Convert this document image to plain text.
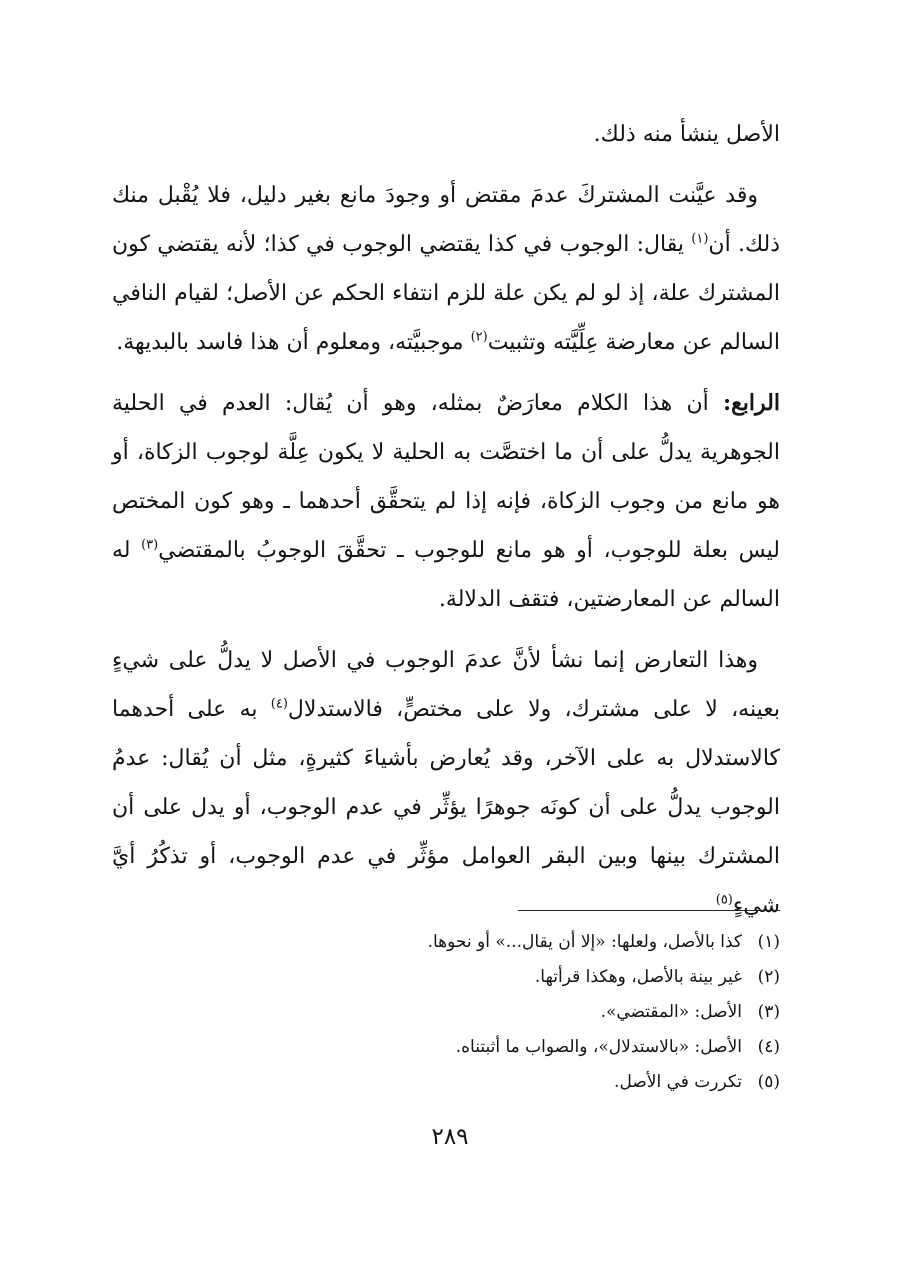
الأصل ينشأ منه ذلك.

وقد عيَّنت المشتركَ عدمَ مقتض أو وجودَ مانع بغير دليل، فلا يُقْبل منك ذلك. أن$^{(١)}$ يقال: الوجوب في كذا يقتضي الوجوب في كذا؛ لأنه يقتضي كون المشترك علة، إذ لو لم يكن علة للزم انتفاء الحكم عن الأصل؛ لقيام النافي السالم عن معارضة عِلِّيَّته وتثبيت$^{(٢)}$ موجبيَّته، ومعلوم أن هذا فاسد بالبديهة.

الرابع: أن هذا الكلام معارَضٌ بمثله، وهو أن يُقال: العدم في الحلية الجوهرية يدلُّ على أن ما اختصَّت به الحلية لا يكون عِلَّة لوجوب الزكاة، أو هو مانع من وجوب الزكاة، فإنه إذا لم يتحقَّق أحدهما ـ وهو كون المختص ليس بعلة للوجوب، أو هو مانع للوجوب ـ تحقَّقَ الوجوبُ بالمقتضي$^{(٣)}$ له السالم عن المعارضتين، فتقف الدلالة.

وهذا التعارض إنما نشأ لأنَّ عدمَ الوجوب في الأصل لا يدلُّ على شيءٍ بعينه، لا على مشترك، ولا على مختصٍّ، فالاستدلال$^{(٤)}$ به على أحدهما كالاستدلال به على الآخر، وقد يُعارض بأشياءَ كثيرةٍ، مثل أن يُقال: عدمُ الوجوب يدلُّ على أن كونَه جوهرًا يؤثِّر في عدم الوجوب، أو يدل على أن المشترك بينها وبين البقر العوامل مؤثِّر في عدم الوجوب، أو تذكُرُ أيَّ شيءٍ$^{(٥)}$

(١)
كذا بالأصل، ولعلها: «إلا أن يقال...» أو نحوها.
(٢)
غير بينة بالأصل، وهكذا قرأتها.
(٣)
الأصل: «المقتضي».
(٤)
الأصل: «بالاستدلال»، والصواب ما أثبتناه.
(٥)
تكررت في الأصل.
٢٨٩
